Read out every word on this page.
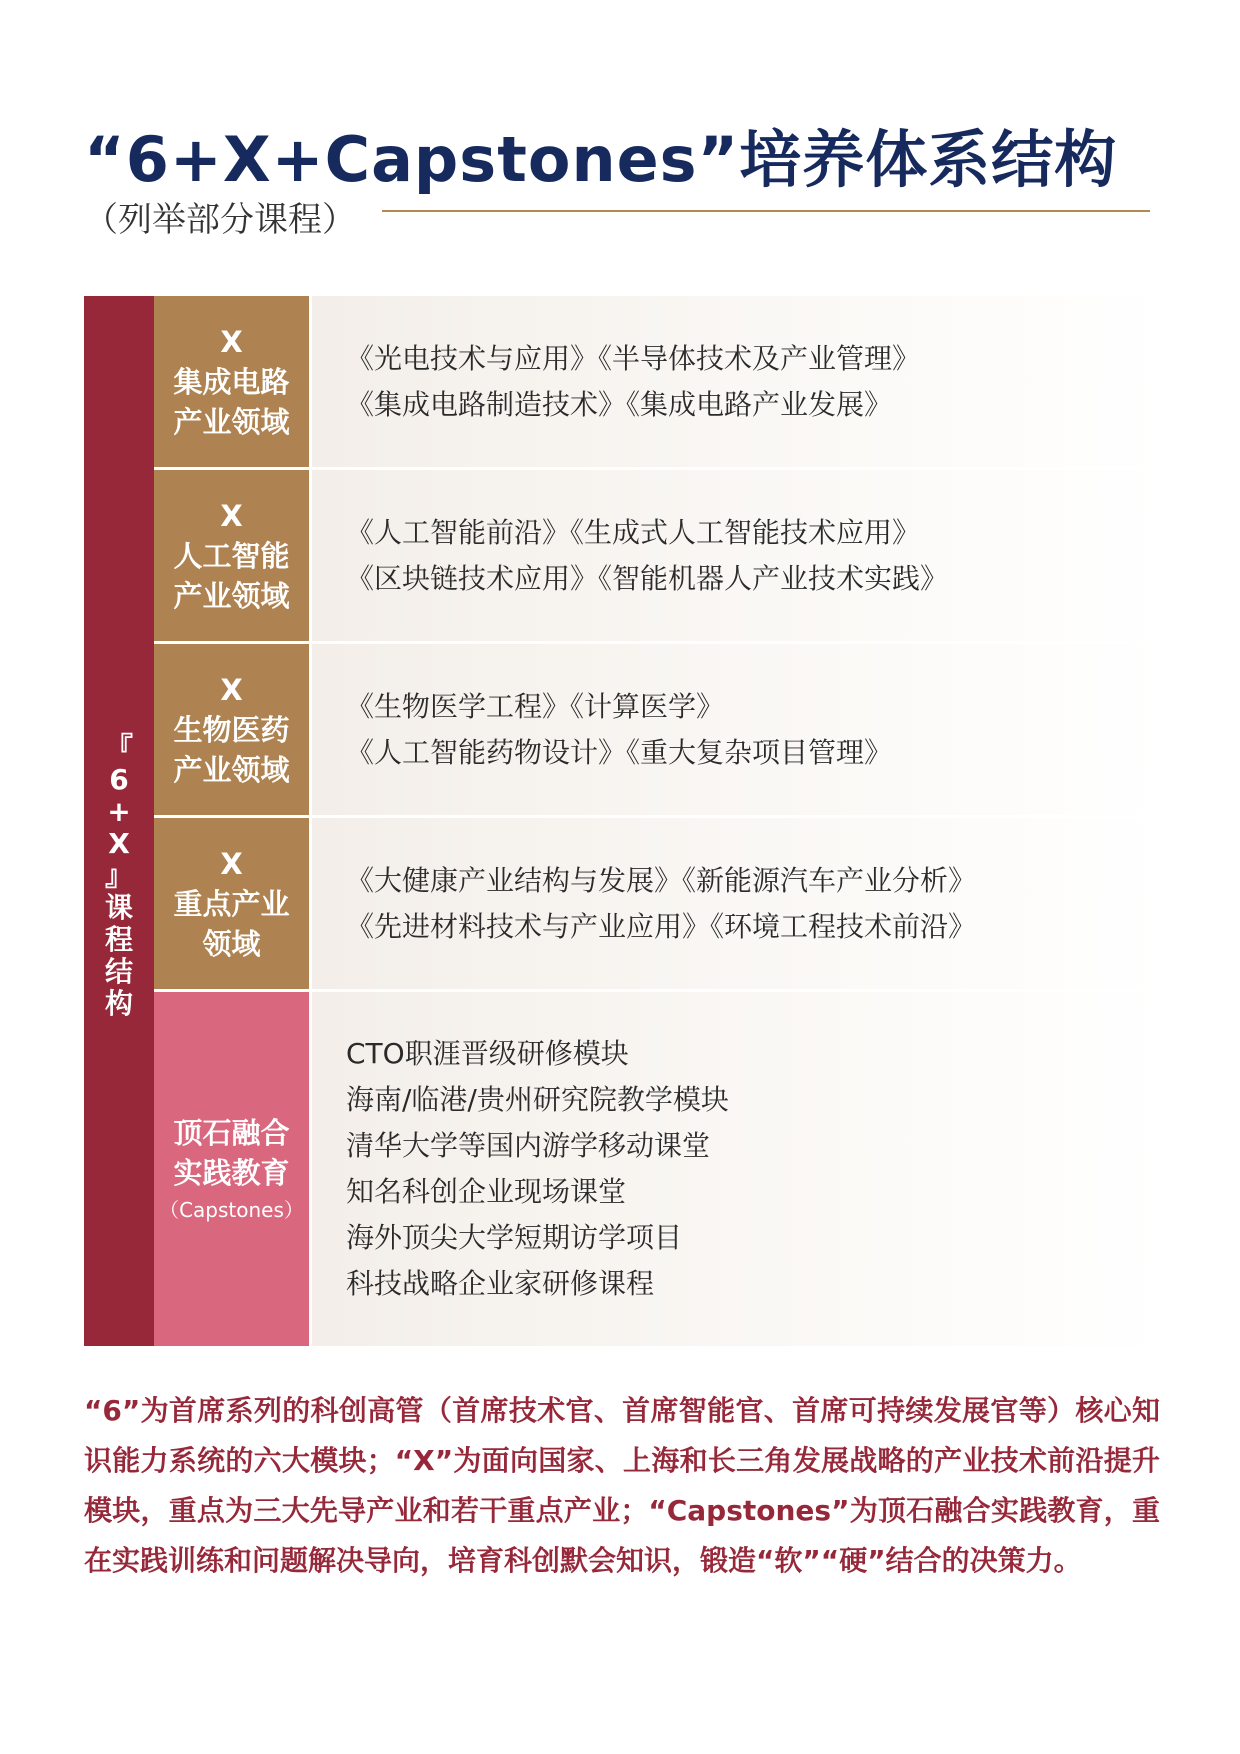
“6+X+Capstones”培养体系结构
（列举部分课程）
『
6
+
X
』
课
程
结
构
X
集成电路
产业领域
《光电技术与应用》《半导体技术及产业管理》
《集成电路制造技术》《集成电路产业发展》
X
人工智能
产业领域
《人工智能前沿》《生成式人工智能技术应用》
《区块链技术应用》《智能机器人产业技术实践》
X
生物医药
产业领域
《生物医学工程》《计算医学》
《人工智能药物设计》《重大复杂项目管理》
X
重点产业
领域
《大健康产业结构与发展》《新能源汽车产业分析》
《先进材料技术与产业应用》《环境工程技术前沿》
顶石融合
实践教育
（Capstones）
CTO职涯晋级研修模块
海南/临港/贵州研究院教学模块
清华大学等国内游学移动课堂
知名科创企业现场课堂
海外顶尖大学短期访学项目
科技战略企业家研修课程
“6”为首席系列的科创高管（首席技术官、首席智能官、首席可持续发展官等）核心知识能力系统的六大模块；“X”为面向国家、上海和长三角发展战略的产业技术前沿提升模块，重点为三大先导产业和若干重点产业；“Capstones”为顶石融合实践教育，重在实践训练和问题解决导向，培育科创默会知识，锻造“软”“硬”结合的决策力。
